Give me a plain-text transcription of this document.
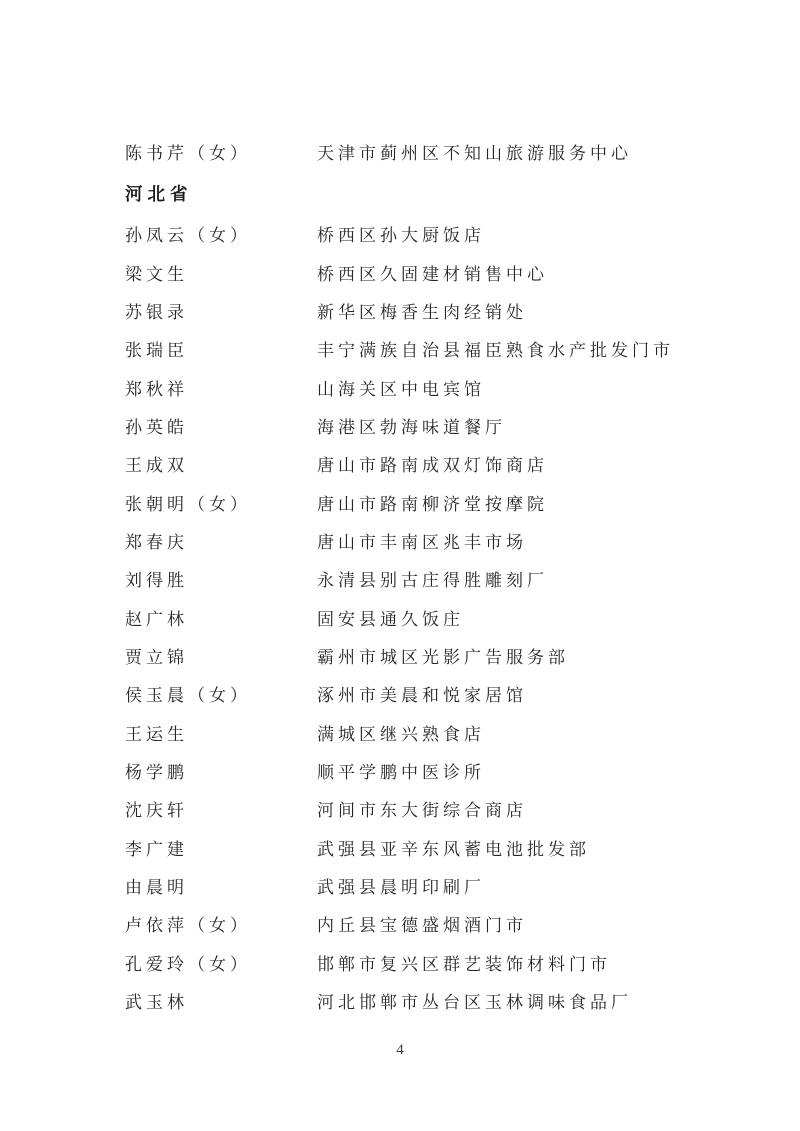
陈书芹（女）	天津市蓟州区不知山旅游服务中心
河北省
孙凤云（女）	桥西区孙大厨饭店
梁文生	桥西区久固建材销售中心
苏银录	新华区梅香生肉经销处
张瑞臣	丰宁满族自治县福臣熟食水产批发门市
郑秋祥	山海关区中电宾馆
孙英皓	海港区勃海味道餐厅
王成双	唐山市路南成双灯饰商店
张朝明（女）	唐山市路南柳济堂按摩院
郑春庆	唐山市丰南区兆丰市场
刘得胜	永清县别古庄得胜雕刻厂
赵广林	固安县通久饭庄
贾立锦	霸州市城区光影广告服务部
侯玉晨（女）	涿州市美晨和悦家居馆
王运生	满城区继兴熟食店
杨学鹏	顺平学鹏中医诊所
沈庆轩	河间市东大街综合商店
李广建	武强县亚辛东风蓄电池批发部
由晨明	武强县晨明印刷厂
卢依萍（女）	内丘县宝德盛烟酒门市
孔爱玲（女）	邯郸市复兴区群艺装饰材料门市
武玉林	河北邯郸市丛台区玉林调味食品厂
4
